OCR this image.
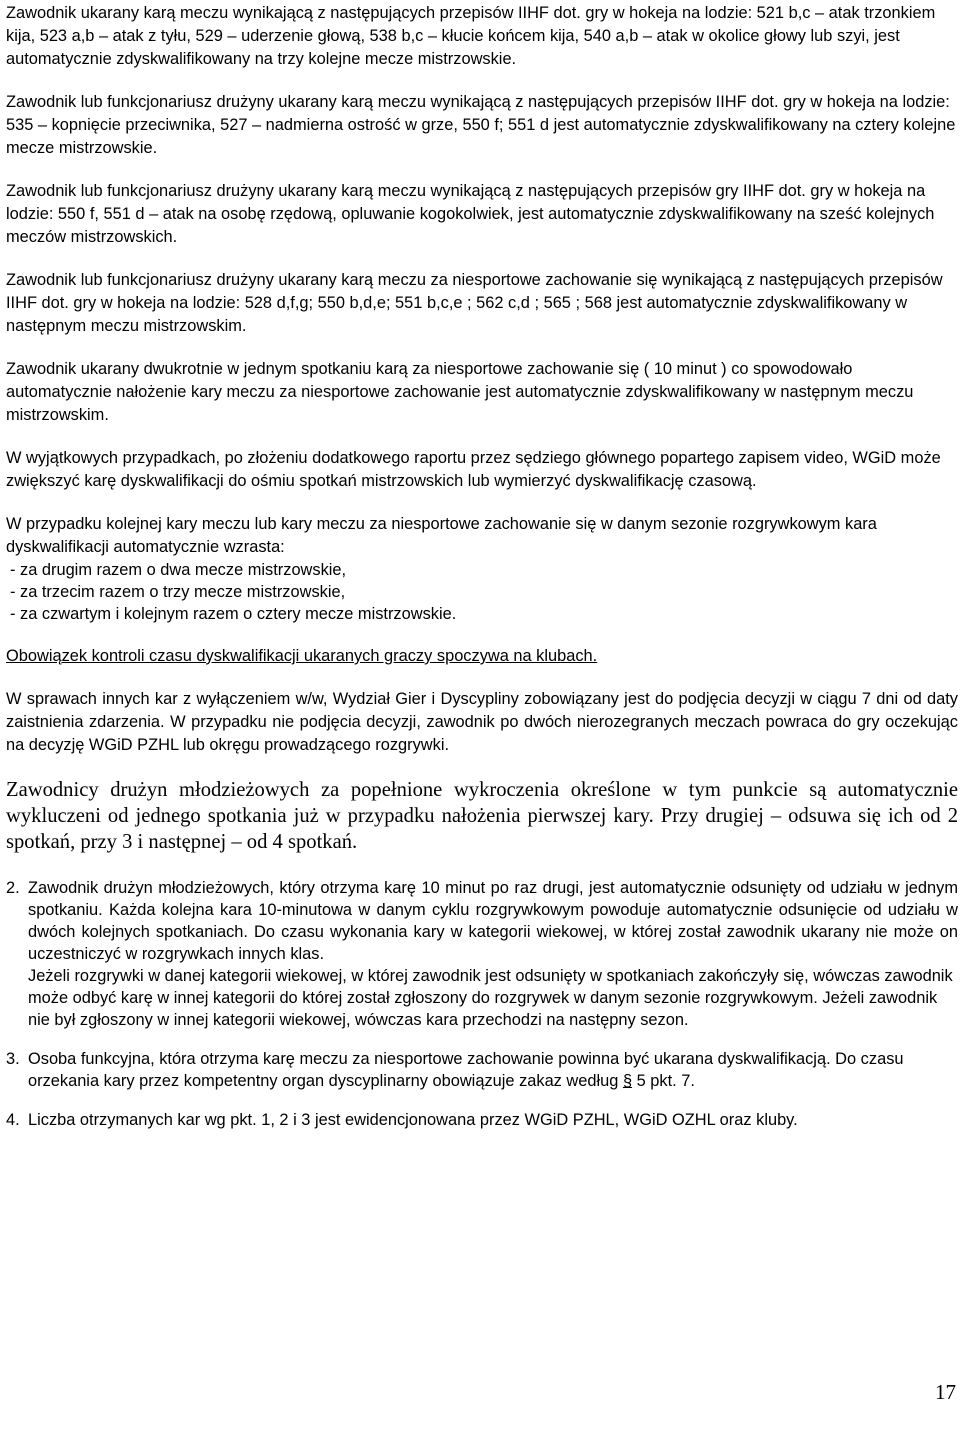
Zawodnik ukarany karą meczu wynikającą z następujących przepisów IIHF dot. gry w hokeja na lodzie: 521 b,c – atak trzonkiem kija, 523 a,b – atak z tyłu, 529 – uderzenie głową, 538 b,c – kłucie końcem kija, 540 a,b – atak w okolice głowy lub szyi, jest automatycznie zdyskwalifikowany na trzy kolejne mecze mistrzowskie.

Zawodnik lub funkcjonariusz drużyny ukarany karą meczu wynikającą z następujących przepisów IIHF dot. gry w hokeja na lodzie: 535 – kopnięcie przeciwnika, 527 – nadmierna ostrość w grze, 550 f; 551 d jest automatycznie zdyskwalifikowany na cztery kolejne mecze mistrzowskie.

Zawodnik lub funkcjonariusz drużyny ukarany karą meczu wynikającą z następujących przepisów gry IIHF dot. gry w hokeja na lodzie: 550 f, 551 d – atak na osobę rzędową, opluwanie kogokolwiek, jest automatycznie zdyskwalifikowany na sześć kolejnych meczów mistrzowskich.

Zawodnik lub funkcjonariusz drużyny ukarany karą meczu za niesportowe zachowanie się wynikającą z następujących przepisów IIHF dot. gry w hokeja na lodzie: 528 d,f,g; 550 b,d,e; 551 b,c,e ; 562 c,d ; 565 ; 568 jest automatycznie zdyskwalifikowany w następnym meczu mistrzowskim.

Zawodnik ukarany dwukrotnie w jednym spotkaniu karą za niesportowe zachowanie się ( 10 minut ) co spowodowało automatycznie nałożenie kary meczu za niesportowe zachowanie jest automatycznie zdyskwalifikowany w następnym meczu mistrzowskim.

W wyjątkowych przypadkach, po złożeniu dodatkowego raportu przez sędziego głównego popartego zapisem video, WGiD może zwiększyć karę dyskwalifikacji do ośmiu spotkań mistrzowskich lub wymierzyć dyskwalifikację czasową.

W przypadku kolejnej kary meczu lub kary meczu za niesportowe zachowanie się w danym sezonie rozgrywkowym kara dyskwalifikacji automatycznie wzrasta:

- za drugim razem o dwa mecze mistrzowskie,
- za trzecim razem o trzy mecze mistrzowskie,
- za czwartym i kolejnym razem o cztery mecze mistrzowskie.

Obowiązek kontroli czasu dyskwalifikacji ukaranych graczy spoczywa na klubach.

W sprawach innych kar z wyłączeniem w/w, Wydział Gier i Dyscypliny zobowiązany jest do podjęcia decyzji w ciągu 7 dni od daty zaistnienia zdarzenia. W przypadku nie podjęcia decyzji, zawodnik po dwóch nierozegranych meczach powraca do gry oczekując na decyzję WGiD PZHL lub okręgu prowadzącego rozgrywki.

Zawodnicy drużyn młodzieżowych za popełnione wykroczenia określone w tym punkcie są automatycznie wykluczeni od jednego spotkania już w przypadku nałożenia pierwszej kary. Przy drugiej – odsuwa się ich od 2 spotkań, przy 3 i następnej – od 4 spotkań.

2. Zawodnik drużyn młodzieżowych, który otrzyma karę 10 minut po raz drugi, jest automatycznie odsunięty od udziału w jednym spotkaniu. Każda kolejna kara 10-minutowa w danym cyklu rozgrywkowym powoduje automatycznie odsunięcie od udziału w dwóch kolejnych spotkaniach. Do czasu wykonania kary w kategorii wiekowej, w której został zawodnik ukarany nie może on uczestniczyć w rozgrywkach innych klas.

Jeżeli rozgrywki w danej kategorii wiekowej, w której zawodnik jest odsunięty w spotkaniach zakończyły się, wówczas zawodnik może odbyć karę w innej kategorii do której został zgłoszony do rozgrywek w danym sezonie rozgrywkowym. Jeżeli zawodnik nie był zgłoszony w innej kategorii wiekowej, wówczas kara przechodzi na następny sezon.

3. Osoba funkcyjna, która otrzyma karę meczu za niesportowe zachowanie powinna być ukarana dyskwalifikacją. Do czasu orzekania kary przez kompetentny organ dyscyplinarny obowiązuje zakaz według § 5 pkt. 7.

4. Liczba otrzymanych kar wg pkt. 1, 2 i 3 jest ewidencjonowana przez WGiD PZHL, WGiD OZHL oraz kluby.

17
